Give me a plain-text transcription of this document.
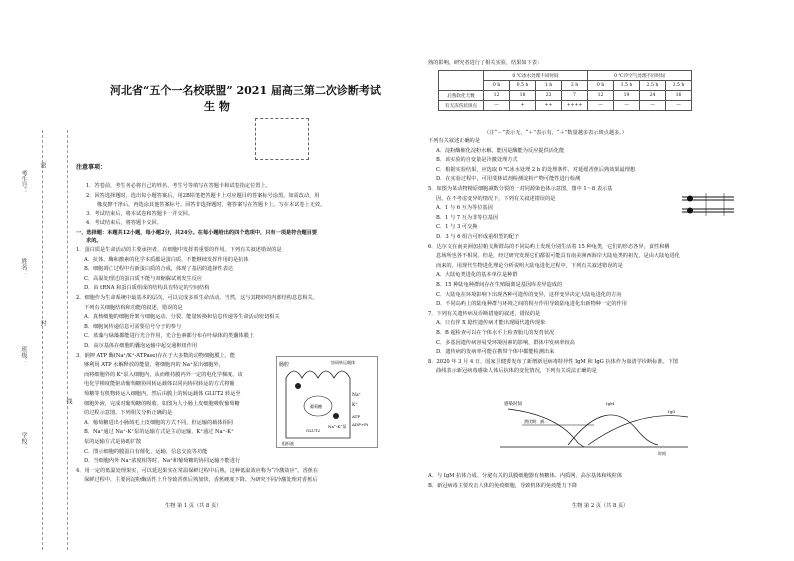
考生号：
姓名：
班级：
学校：
密
封
线
河北省“五个一名校联盟” 2021 届高三第二次诊断考试
生 物
注意事项：
1．答卷前，考生务必将自己的姓名、考生号等填写在答题卡和试卷指定位置上。
2．回答选择题时，选出每小题答案后，用2B铅笔把答题卡上对应题目的答案标号涂黑。如需改动，用
橡皮擦干净后，再选涂其他答案标号。回答非选择题时，将答案写在答题卡上。写在本试卷上无效。
3．考试结束后，将本试卷和答题卡一并交回。
4．考试结束后，将答题卡交回。
一、选择题：本题共12小题，每小题2分，共24分。在每小题给出的四个选项中，只有一项是符合题目要
求的。
1．蛋白质是生命活动的主要承担者，在细胞中发挥着重要的作用。下列有关叙述错误的是
A．抗体、酶和激素的化学本质都是蛋白质，不能继续发挥作用的是抗体
B．细胞凋亡过程中有新蛋白质的合成，体现了基因的选择性表达
C．高温处理过的蛋白质不能与双缩脲试剂发生反应
D．由 tRNA 和蛋白质组成的结构具有特定的空间结构
2．细胞作为生命系统中最基本的层次，可以完成多项生命活动。当然，这与其精妙的内部结构息息相关。
下列有关细胞结构和功能的叙述，错误的是
A．真核细胞的细胞骨架与细胞运动、分裂、能量转换和信息传递等生命活动密切相关
B．细胞间传递信息可需要信号分子的参与
C．蓝藻与绿藻都能进行光合作用，光合色素都分布在叶绿体的类囊体膜上
D．高尔基体在细胞的囊泡运输中起交通枢纽作用
3．钠钾 ATP 酶(Na⁺/K⁺-ATPase)存在于大多数的动物细胞膜上，能
够利用 ATP 水解释放的能量，将细胞内的 Na⁺泵出细胞外，
而将细胞外的 K⁺泵入细胞内，从而维持膜内外一定的电化学梯度。该
电化学梯度能驱动葡萄糖协同转运载体以同向协同转运的方式将葡
萄糖等有机物转运入细胞内，然后由膜上的转运载体 GLUT2 转运至
细胞外液，完成对葡萄糖的吸收。如图为人小肠上皮细胞吸收葡萄糖
的过程示意图。下列相关分析正确的是
A．葡萄糖进出小肠绒毛上皮细胞的方式不同，但运输的载体相同
B．Na⁺通过 Na⁺-K⁺泵的运输方式是主动运输，K⁺通过 Na⁺-K⁺
泵的运输方式是协助扩散
C．图示细胞的膜蛋白有催化、运输、信息交流等功能
D．当细胞内外 Na⁺浓度相等时，Na⁺和葡萄糖的协同运输不能进行
4．用一定的低温处理果实，可以延迟果实在常温保鲜过程中后熟，这种低温效应称为“冷激效应”。香蕉在
保鲜过程中，主要因淀粉酶活性上升导致香蕉后熟加快，香蕉硬度下降。为研究不同冷激处理对香蕉后
肠腔	协同转运载体
Na⁺
K⁺
Na⁺-K⁺泵
葡萄糖
ATP
ADP+Pi
GLUT2
组织液
生物 第 1 页（共 8 页）
熟的影响，研究者进行了相关实验，结果如下表：
	0 ℃冰水处理不同时间				0 ℃冷空气处理不同时间			
	0 h	0.5 h	1 h	2 h	0 h	1.5 h	2.5 h	3.5 h
后熟软化天数	12	18	23	7	12	19	24	16
有无冻伤状斑点	—	+	++	++++	—	—	—	—
（注“－”表示无，“＋”表示有，“＋”数量越多表示斑点越多。）
下列有关叙述正确的是
A．淀粉酶催化淀粉水解，能因是酶能为反应提供活化能
B．该实验的自变量是冷激处理方式
C．根据实验结果，应选取 0 ℃冰水处理 2 h 的处理条件，对延缓香蕉后熟效果最理想
D．在实验过程中，可用斐林试剂检测淀粉产物可能性进行检测
5．如图为某动物精原细胞减数分裂的一对同源染色体示意图，图中 1～8 表示基
因。在不考虑变异的情况下，下列有关叙述错误的是
A．1 与 6 互为等位基因
B．1 与 7 互为非等位基因
C．1 与 3 可交换
D．3 与 6 组合可形成重组型的配子
6．达尔文在南美洲加拉帕戈斯群岛的不同岛屿上发现分别生活着 15 种龟类，它们的形态各异，食性和栖
息场所也各不相同。但是，经过研究发现它们都很可能具有南美洲西海岸大陆龟类的祖先，是由大陆龟进化
而来的。用现代生物进化理论分析说明大陆龟进化过程中，下列有关叙述错误的是
A．大陆龟类进化的基本单位是种群
B．15 种陆龟种群间存在生殖隔离是基因库差异造成的
C．大陆龟在环境影响下出现各种可遗传的变异，这样变异决定大陆龟进化的方向
D．不同岛屿上的陆龟种群与环境之间的相互作用导致陆龟进化出新物种一定的作用
7．下列有关遗传病及诊断措施的叙述，错误的是
A．只有伴 X 隐性遗传病才能出现隔代遗传现象
B．B 超检查可以在个体水平上检查胎儿的发育状况
C．多基因遗传病容易受环境因素的影响，群体中发病率较高
D．遗传病的发病率可能在携带个体中都能检测出来
8．2020 年 3 月 4 日，国家卫健委发布了新增新冠病毒特异性 IgM 和 IgG 抗体作为血清学诊断标准。下图
曲线表示新冠病毒感染人体后抗体的变化情况，下列有关说法正确的是
感染时间
潜伏期：测...
IgM
IgG
时间
A．与 IgM 抗体合成、分泌有关的具膜细胞器有核糖体、内质网、高尔基体和线粒体
B．新冠病毒主要攻击人体的免疫细胞，导致机体的免疫能力下降
生物 第 2 页（共 8 页）
